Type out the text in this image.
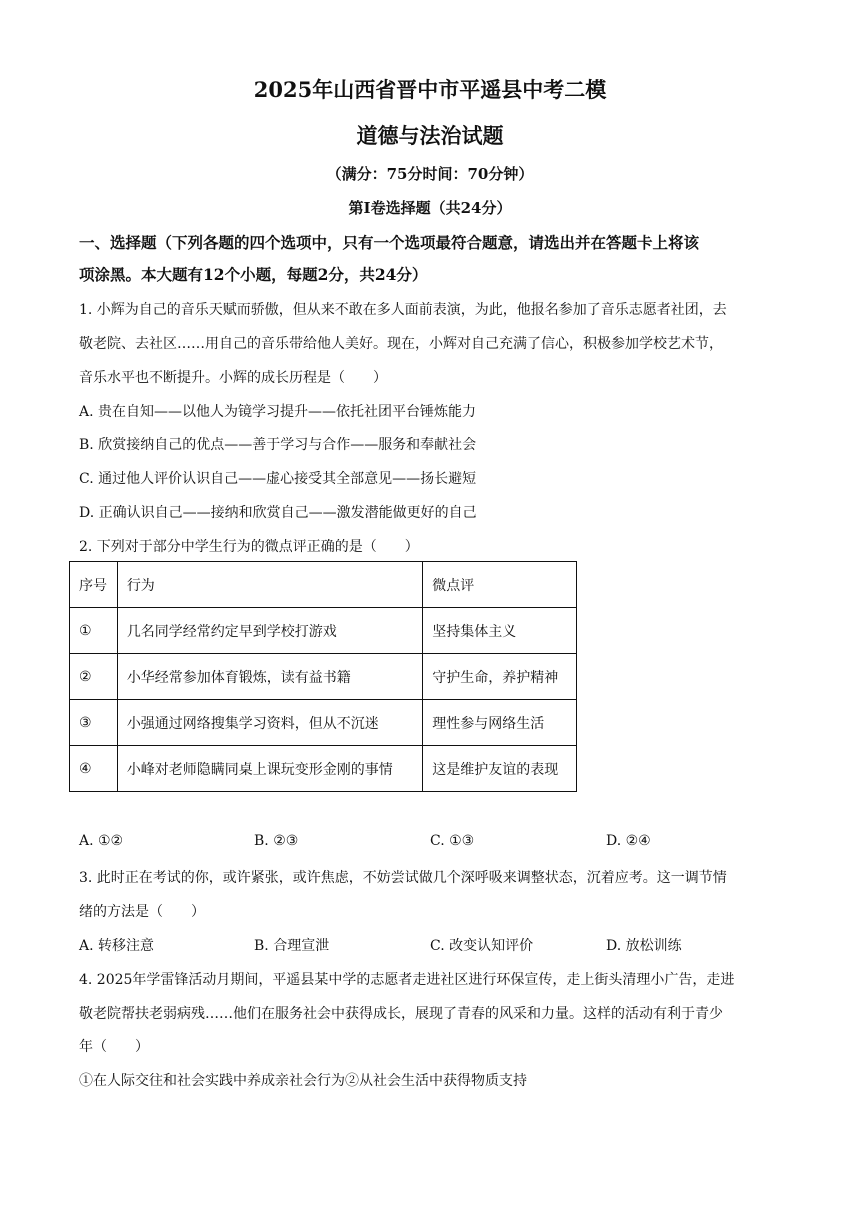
2025年山西省晋中市平遥县中考二模
道德与法治试题
（满分：75分时间：70分钟）
第Ⅰ卷选择题（共24分）
一、选择题（下列各题的四个选项中，只有一个选项最符合题意，请选出并在答题卡上将该
项涂黑。本大题有12个小题，每题2分，共24分）
1. 小辉为自己的音乐天赋而骄傲，但从来不敢在多人面前表演，为此，他报名参加了音乐志愿者社团，去
敬老院、去社区……用自己的音乐带给他人美好。现在，小辉对自己充满了信心，积极参加学校艺术节，
音乐水平也不断提升。小辉的成长历程是（　　）
A. 贵在自知——以他人为镜学习提升——依托社团平台锤炼能力
B. 欣赏接纳自己的优点——善于学习与合作——服务和奉献社会
C. 通过他人评价认识自己——虚心接受其全部意见——扬长避短
D. 正确认识自己——接纳和欣赏自己——激发潜能做更好的自己
2. 下列对于部分中学生行为的微点评正确的是（　　）
序号	行为	微点评
①	几名同学经常约定早到学校打游戏	坚持集体主义
②	小华经常参加体育锻炼，读有益书籍	守护生命，养护精神
③	小强通过网络搜集学习资料，但从不沉迷	理性参与网络生活
④	小峰对老师隐瞒同桌上课玩变形金刚的事情	这是维护友谊的表现
A. ①②	B. ②③	C. ①③	D. ②④
3. 此时正在考试的你，或许紧张，或许焦虑，不妨尝试做几个深呼吸来调整状态，沉着应考。这一调节情
绪的方法是（　　）
A. 转移注意	B. 合理宣泄	C. 改变认知评价	D. 放松训练
4. 2025年学雷锋活动月期间，平遥县某中学的志愿者走进社区进行环保宣传，走上街头清理小广告，走进
敬老院帮扶老弱病残……他们在服务社会中获得成长，展现了青春的风采和力量。这样的活动有利于青少
年（　　）
①在人际交往和社会实践中养成亲社会行为②从社会生活中获得物质支持
